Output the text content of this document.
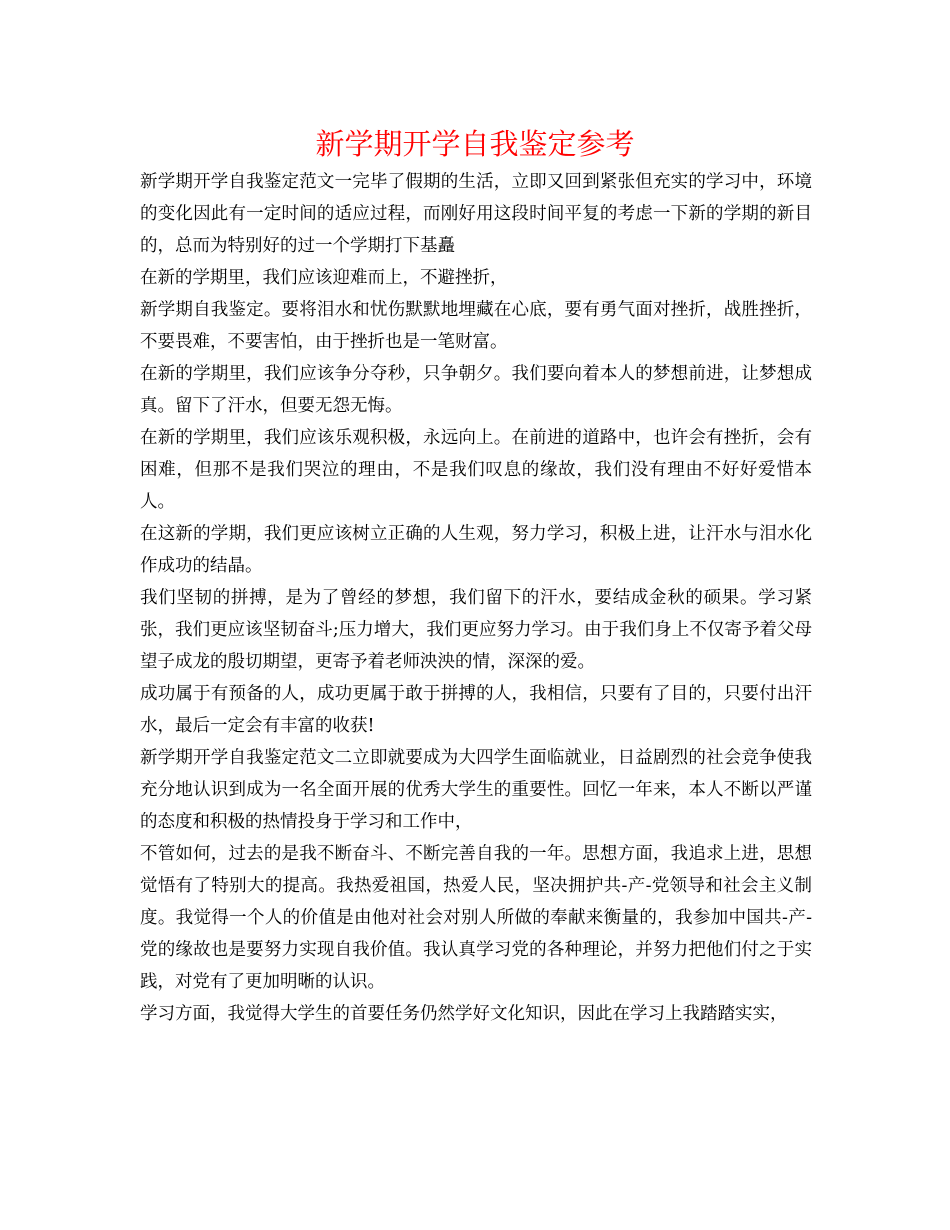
新学期开学自我鉴定参考

新学期开学自我鉴定范文一完毕了假期的生活，立即又回到紧张但充实的学习中，环境的变化因此有一定时间的适应过程，而刚好用这段时间平复的考虑一下新的学期的新目的，总而为特别好的过一个学期打下基矗

在新的学期里，我们应该迎难而上，不避挫折，

新学期自我鉴定。要将泪水和忧伤默默地埋藏在心底，要有勇气面对挫折，战胜挫折，不要畏难，不要害怕，由于挫折也是一笔财富。

在新的学期里，我们应该争分夺秒，只争朝夕。我们要向着本人的梦想前进，让梦想成真。留下了汗水，但要无怨无悔。

在新的学期里，我们应该乐观积极，永远向上。在前进的道路中，也许会有挫折，会有困难，但那不是我们哭泣的理由，不是我们叹息的缘故，我们没有理由不好好爱惜本人。

在这新的学期，我们更应该树立正确的人生观，努力学习，积极上进，让汗水与泪水化作成功的结晶。

我们坚韧的拼搏，是为了曾经的梦想，我们留下的汗水，要结成金秋的硕果。学习紧张，我们更应该坚韧奋斗;压力增大，我们更应努力学习。由于我们身上不仅寄予着父母望子成龙的殷切期望，更寄予着老师泱泱的情，深深的爱。

成功属于有预备的人，成功更属于敢于拼搏的人，我相信，只要有了目的，只要付出汗水，最后一定会有丰富的收获!

新学期开学自我鉴定范文二立即就要成为大四学生面临就业，日益剧烈的社会竞争使我充分地认识到成为一名全面开展的优秀大学生的重要性。回忆一年来，本人不断以严谨的态度和积极的热情投身于学习和工作中，

不管如何，过去的是我不断奋斗、不断完善自我的一年。思想方面，我追求上进，思想觉悟有了特别大的提高。我热爱祖国，热爱人民，坚决拥护共-产-党领导和社会主义制度。我觉得一个人的价值是由他对社会对别人所做的奉献来衡量的，我参加中国共-产-党的缘故也是要努力实现自我价值。我认真学习党的各种理论，并努力把他们付之于实践，对党有了更加明晰的认识。

学习方面，我觉得大学生的首要任务仍然学好文化知识，因此在学习上我踏踏实实，
